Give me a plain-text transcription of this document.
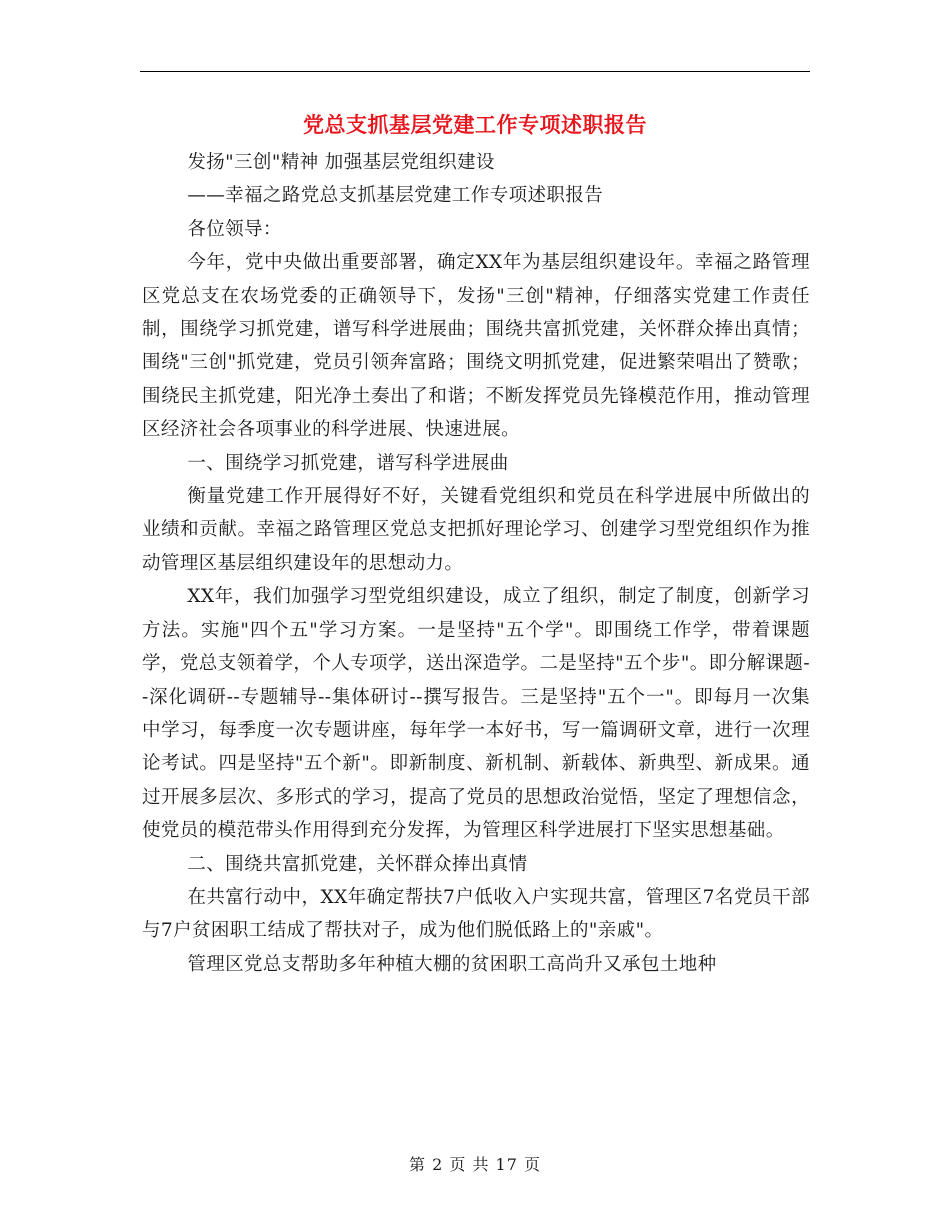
党总支抓基层党建工作专项述职报告

发扬"三创"精神 加强基层党组织建设

——幸福之路党总支抓基层党建工作专项述职报告

各位领导：

今年，党中央做出重要部署，确定XX年为基层组织建设年。幸福之路管理区党总支在农场党委的正确领导下，发扬"三创"精神，仔细落实党建工作责任制，围绕学习抓党建，谱写科学进展曲；围绕共富抓党建，关怀群众捧出真情；围绕"三创"抓党建，党员引领奔富路；围绕文明抓党建，促进繁荣唱出了赞歌；围绕民主抓党建，阳光净土奏出了和谐；不断发挥党员先锋模范作用，推动管理区经济社会各项事业的科学进展、快速进展。

一、围绕学习抓党建，谱写科学进展曲

衡量党建工作开展得好不好，关键看党组织和党员在科学进展中所做出的业绩和贡献。幸福之路管理区党总支把抓好理论学习、创建学习型党组织作为推动管理区基层组织建设年的思想动力。

XX年，我们加强学习型党组织建设，成立了组织，制定了制度，创新学习方法。实施"四个五"学习方案。一是坚持"五个学"。即围绕工作学，带着课题学，党总支领着学，个人专项学，送出深造学。二是坚持"五个步"。即分解课题--深化调研--专题辅导--集体研讨--撰写报告。三是坚持"五个一"。即每月一次集中学习，每季度一次专题讲座，每年学一本好书，写一篇调研文章，进行一次理论考试。四是坚持"五个新"。即新制度、新机制、新载体、新典型、新成果。通过开展多层次、多形式的学习，提高了党员的思想政治觉悟，坚定了理想信念，使党员的模范带头作用得到充分发挥，为管理区科学进展打下坚实思想基础。

二、围绕共富抓党建，关怀群众捧出真情

在共富行动中，XX年确定帮扶7户低收入户实现共富，管理区7名党员干部与7户贫困职工结成了帮扶对子，成为他们脱低路上的"亲戚"。

管理区党总支帮助多年种植大棚的贫困职工高尚升又承包土地种

第 2 页 共 17 页
